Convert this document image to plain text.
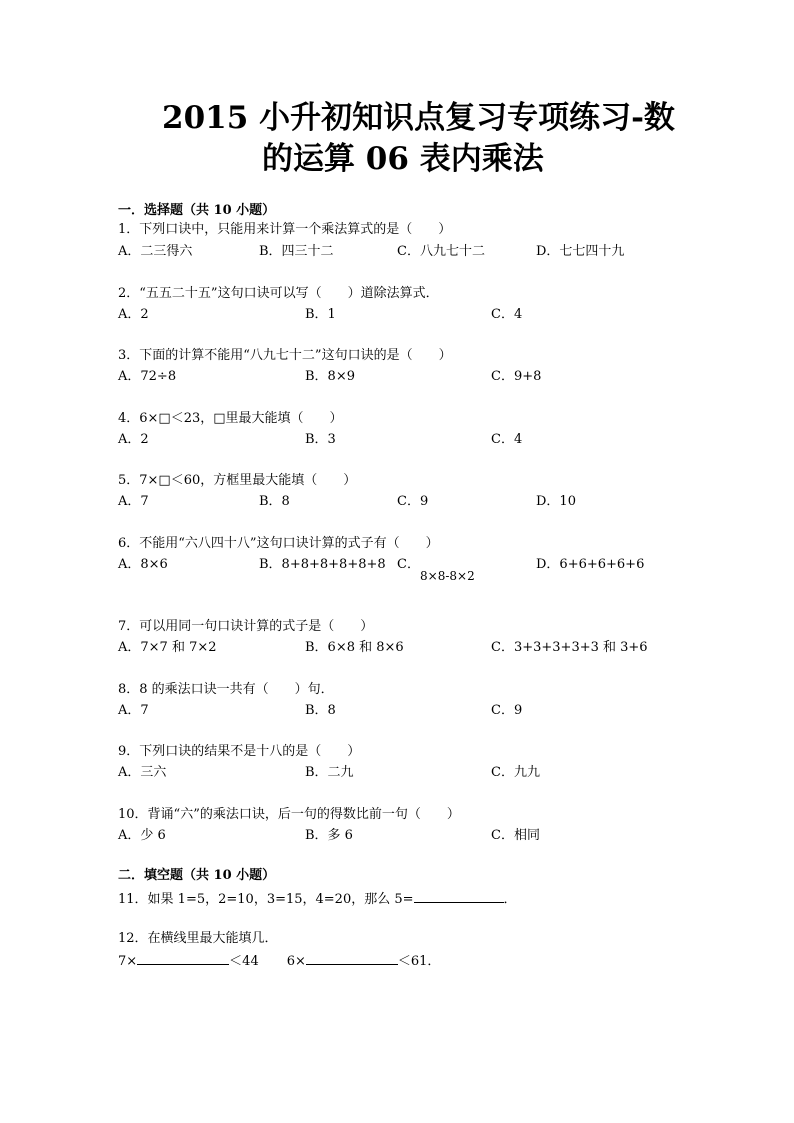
2015 小升初知识点复习专项练习-数
的运算 06 表内乘法
一．选择题（共 10 小题）
1．下列口诀中，只能用来计算一个乘法算式的是（　　）
A．二三得六	B．四三十二	C．八九七十二	D．七七四十九
2．“五五二十五”这句口诀可以写（　　）道除法算式．
A．2	B．1	C．4
3．下面的计算不能用“八九七十二”这句口诀的是（　　）
A．72÷8	B．8×9	C．9+8
4．6×□＜23，□里最大能填（　　）
A．2	B．3	C．4
5．7×□＜60，方框里最大能填（　　）
A．7	B．8	C．9	D．10
6．不能用“六八四十八”这句口诀计算的式子有（　　）
A．8×6	B．8+8+8+8+8+8 C．
8×8-8×2
D．6+6+6+6+6
7．可以用同一句口诀计算的式子是（　　）
A．7×7 和 7×2	B．6×8 和 8×6	C．3+3+3+3+3 和 3+6
8．8 的乘法口诀一共有（　　）句．
A．7	B．8	C．9
9．下列口诀的结果不是十八的是（　　）
A．三六	B．二九	C．九九
10．背诵“六”的乘法口诀，后一句的得数比前一句（　　）
A．少 6	B．多 6	C．相同
二．填空题（共 10 小题）
11．如果 1=5，2=10，3=15，4=20，那么 5=	．
12．在横线里最大能填几．
7×	＜44 6×	＜61．
